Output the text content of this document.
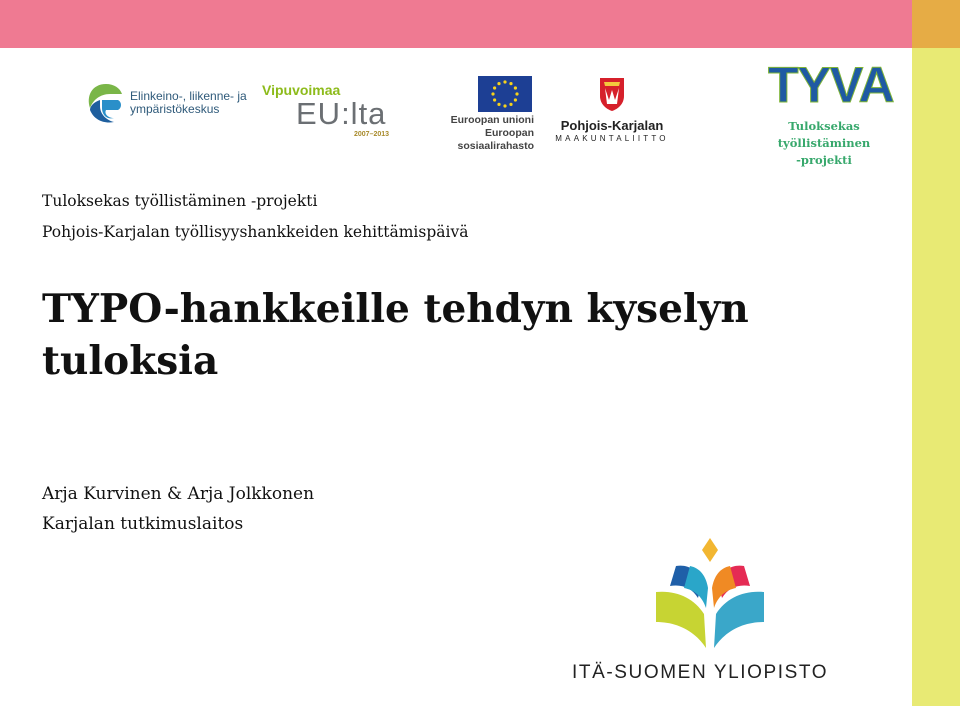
Elinkeino-, liikenne- ja ympäristökeskus
Vipuvoimaa
EU:lta
2007–2013
Euroopan unioni
Euroopan sosiaalirahasto
Pohjois-Karjalan
MAAKUNTALIITTO
TYVA
Tuloksekas
työllistäminen
-projekti
Tuloksekas työllistäminen -projekti
Pohjois-Karjalan työllisyyshankkeiden kehittämispäivä
TYPO-hankkeille tehdyn kyselyn tuloksia
Arja Kurvinen & Arja Jolkkonen
Karjalan tutkimuslaitos
ITÄ-SUOMEN YLIOPISTO
